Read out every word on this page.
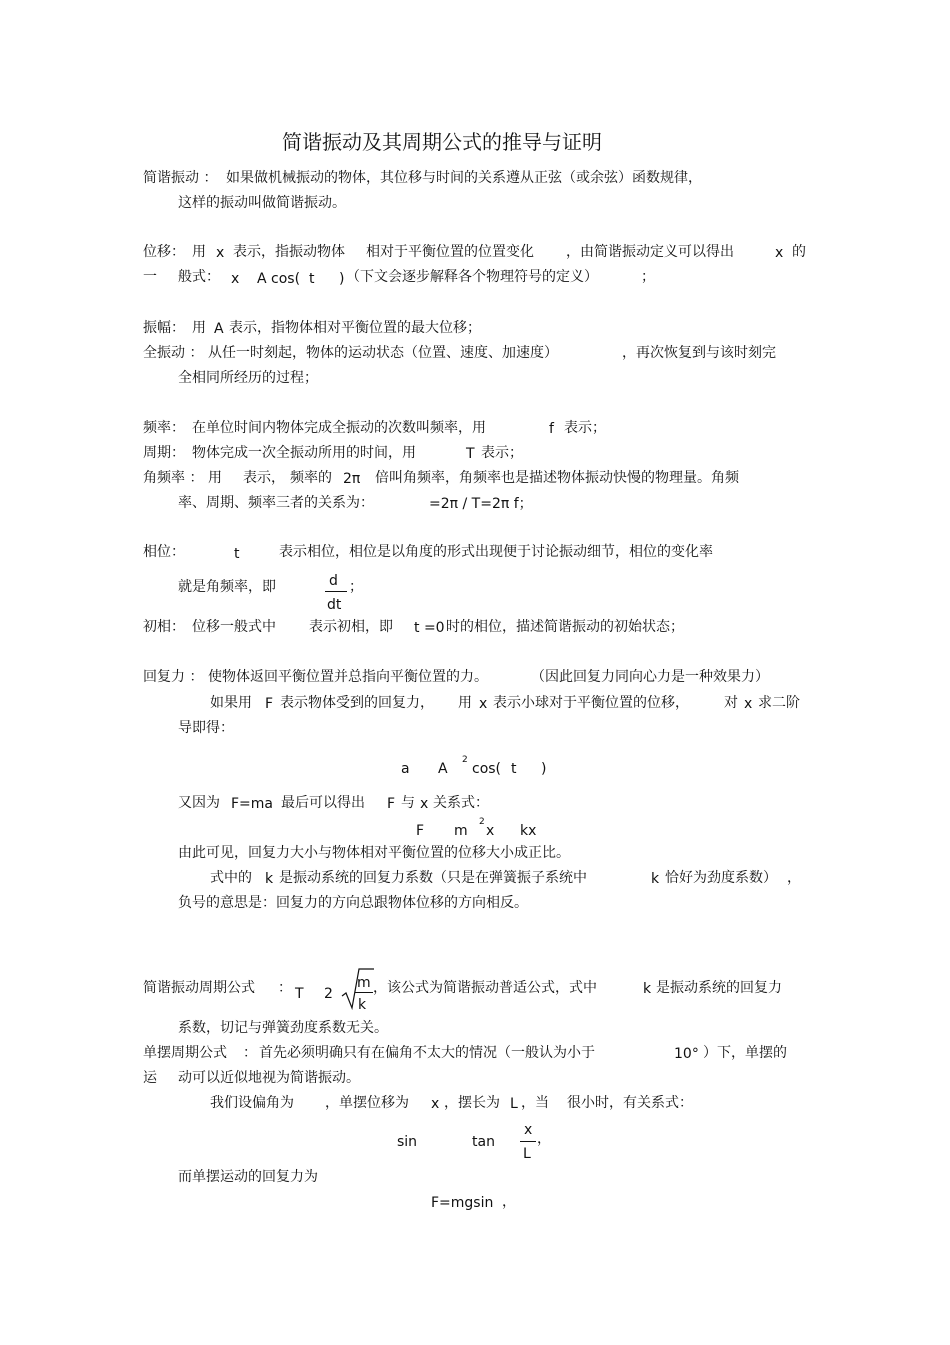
简谐振动及其周期公式的推导与证明
简谐振动 ： 如果做机械振动的物体，其位移与时间的关系遵从正弦（或余弦）函数规律，
这样的振动叫做简谐振动。
位移： 用 x 表示，指振动物体 相对于平衡位置的位置变化 ，由简谐振动定义可以得出	x 的
一 般式： x A cos( t ) （下文会逐步解释各个物理符号的定义）	；
振幅： 用 A 表示，指物体相对平衡位置的最大位移；
全振动 ： 从任一时刻起，物体的运动状态（位置、速度、加速度）	，再次恢复到与该时刻完
全相同所经历的过程；
频率： 在单位时间内物体完成全振动的次数叫频率，用	f 表示；
周期： 物体完成一次全振动所用的时间，用	T 表示；
角频率 ： 用 表示， 频率的 2π 倍叫角频率，角频率也是描述物体振动快慢的物理量。角频
率、周期、频率三者的关系为：	=2π / T=2π f；
相位：	t	表示相位，相位是以角度的形式出现便于讨论振动细节，相位的变化率
就是角频率，即	d
dt
；
初相： 位移一般式中 表示初相，即 t =0 时的相位，描述简谐振动的初始状态；
回复力 ： 使物体返回平衡位置并总指向平衡位置的力。	（因此回复力同向心力是一种效果力）
如果用 F 表示物体受到的回复力， 用 x 表示小球对于平衡位置的位移，	对 x 求二阶
导即得：
a A
2
cos( t )
又因为 F=ma 最后可以得出 F 与 x 关系式：
F m
2
x kx
由此可见，回复力大小与物体相对平衡位置的位移大小成正比。
式中的 k 是振动系统的回复力系数（只是在弹簧振子系统中	k 恰好为劲度系数） ，
负号的意思是：回复力的方向总跟物体位移的方向相反。
简谐振动周期公式 ： T 2
m
k
，该公式为简谐振动普适公式，式中	k 是振动系统的回复力
系数，切记与弹簧劲度系数无关。
单摆周期公式 ： 首先必须明确只有在偏角不太大的情况（一般认为小于	10° ）下，单摆的
运 动可以近似地视为简谐振动。
我们设偏角为 ，单摆位移为 x ，摆长为 L ，当 很小时，有关系式：
sin	tan
x
L
，
而单摆运动的回复力为
F=mgsin ，
